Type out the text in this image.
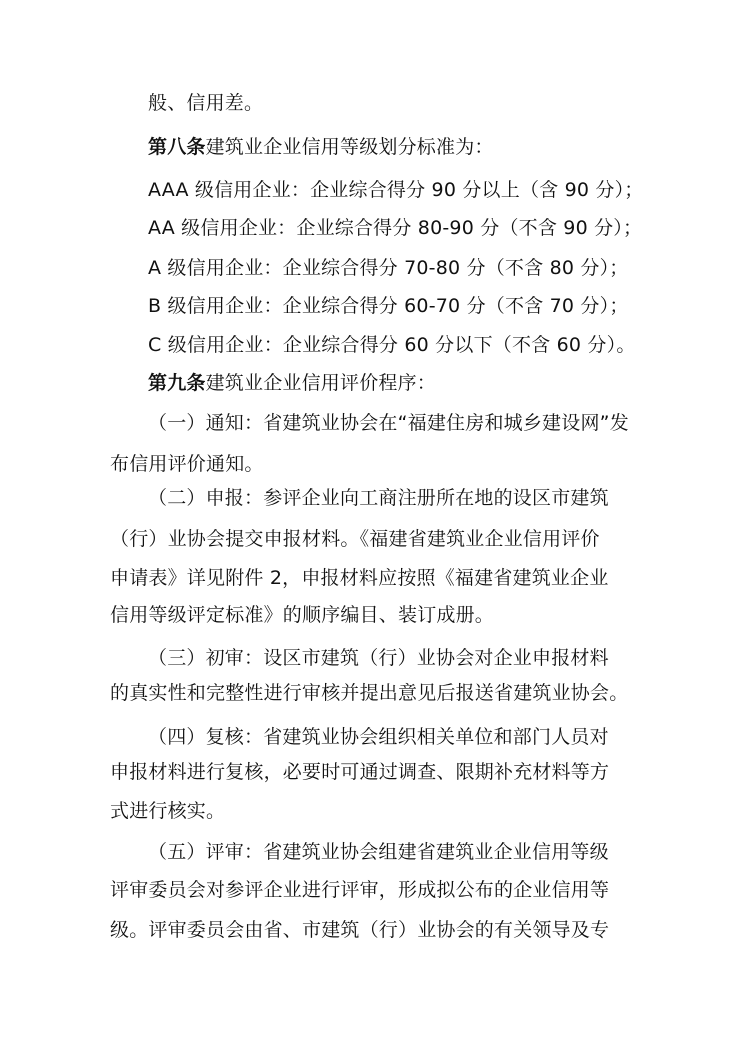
般、信用差。
第八条建筑业企业信用等级划分标准为：
AAA 级信用企业：企业综合得分 90 分以上（含 90 分）；
AA 级信用企业：企业综合得分 80-90 分（不含 90 分）；
A 级信用企业：企业综合得分 70-80 分（不含 80 分）；
B 级信用企业：企业综合得分 60-70 分（不含 70 分）；
C 级信用企业：企业综合得分 60 分以下（不含 60 分）。
第九条建筑业企业信用评价程序：
（一）通知：省建筑业协会在“福建住房和城乡建设网”发
布信用评价通知。
（二）申报：参评企业向工商注册所在地的设区市建筑
（行）业协会提交申报材料。《福建省建筑业企业信用评价
申请表》详见附件 2，申报材料应按照《福建省建筑业企业
信用等级评定标准》的顺序编目、装订成册。
（三）初审：设区市建筑（行）业协会对企业申报材料
的真实性和完整性进行审核并提出意见后报送省建筑业协会。
（四）复核：省建筑业协会组织相关单位和部门人员对
申报材料进行复核，必要时可通过调查、限期补充材料等方
式进行核实。
（五）评审：省建筑业协会组建省建筑业企业信用等级
评审委员会对参评企业进行评审，形成拟公布的企业信用等
级。评审委员会由省、市建筑（行）业协会的有关领导及专
